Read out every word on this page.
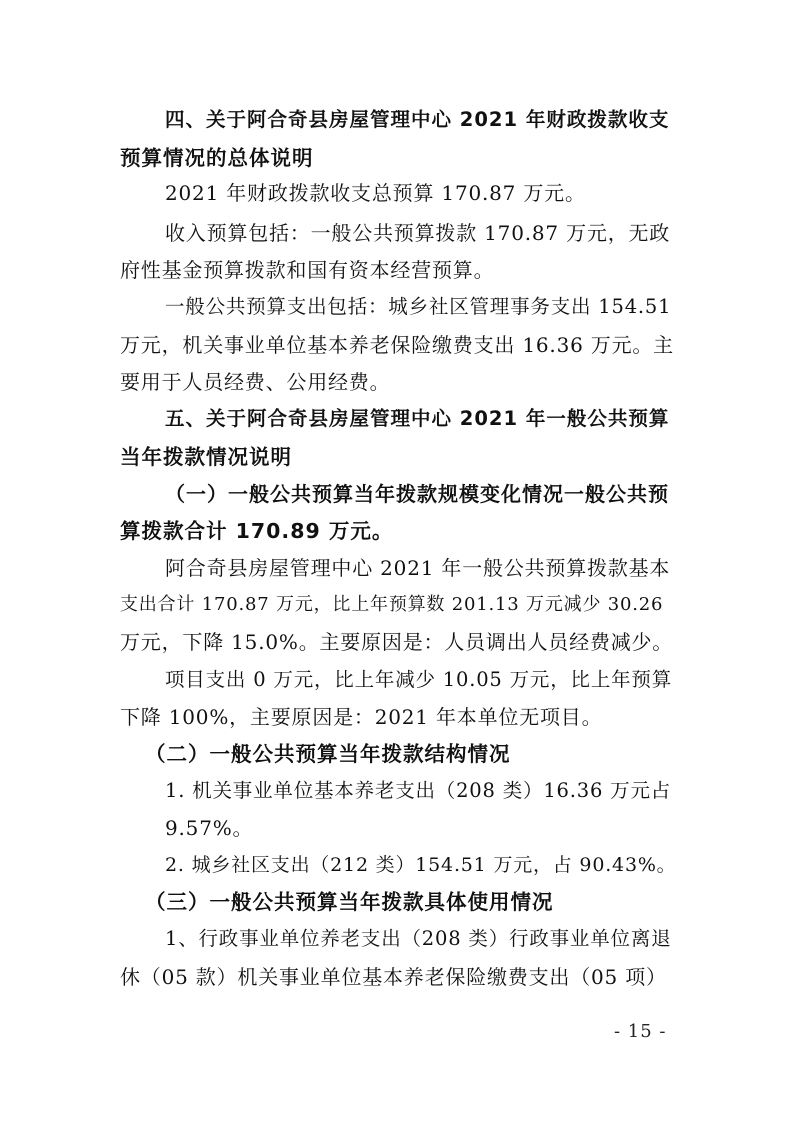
四、关于阿合奇县房屋管理中心 2021 年财政拨款收支
预算情况的总体说明
2021 年财政拨款收支总预算 170.87 万元。
收入预算包括：一般公共预算拨款 170.87 万元，无政
府性基金预算拨款和国有资本经营预算。
一般公共预算支出包括：城乡社区管理事务支出 154.51
万元，机关事业单位基本养老保险缴费支出 16.36 万元。主
要用于人员经费、公用经费。
五、关于阿合奇县房屋管理中心 2021 年一般公共预算
当年拨款情况说明
（一）一般公共预算当年拨款规模变化情况一般公共预
算拨款合计 170.89 万元。
阿合奇县房屋管理中心 2021 年一般公共预算拨款基本
支出合计 170.87 万元，比上年预算数 201.13 万元减少 30.26
万元，下降 15.0%。主要原因是：人员调出人员经费减少。
项目支出 0 万元，比上年减少 10.05 万元，比上年预算
下降 100%，主要原因是：2021 年本单位无项目。
（二）一般公共预算当年拨款结构情况
1. 机关事业单位基本养老支出（208 类）16.36 万元占
9.57%。
2. 城乡社区支出（212 类）154.51 万元，占 90.43%。
（三）一般公共预算当年拨款具体使用情况
1、行政事业单位养老支出（208 类）行政事业单位离退
休（05 款）机关事业单位基本养老保险缴费支出（05 项）
- 15 -
